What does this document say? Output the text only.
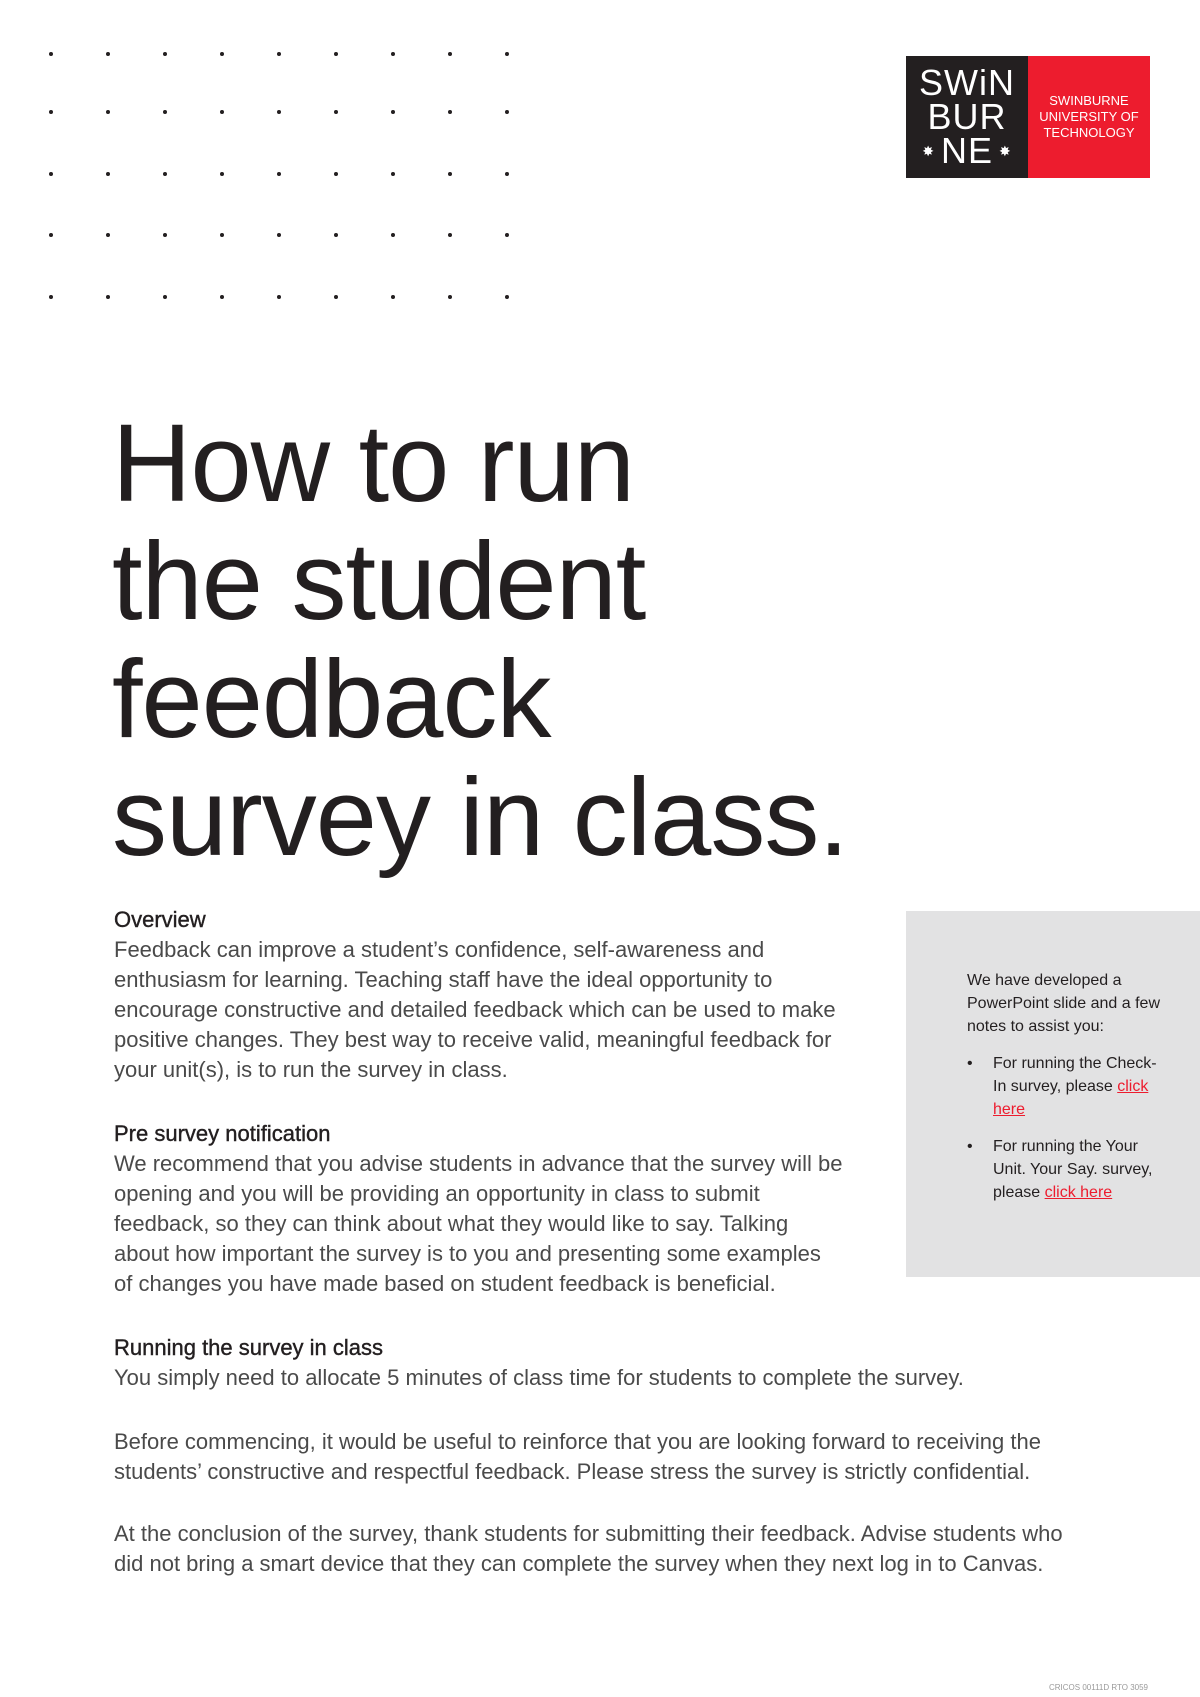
SWiN
BUR
✸ NE ✸
SWINBURNE
UNIVERSITY OF
TECHNOLOGY
How to run
the student
feedback
survey in class.
Overview

Feedback can improve a student’s confidence, self-awareness and enthusiasm for learning. Teaching staff have the ideal opportunity to encourage constructive and detailed feedback which can be used to make positive changes. They best way to receive valid, meaningful feedback for your unit(s), is to run the survey in class.

Pre survey notification

We recommend that you advise students in advance that the survey will be opening and you will be providing an opportunity in class to submit feedback, so they can think about what they would like to say. Talking about how important the survey is to you and presenting some examples of changes you have made based on student feedback is beneficial.

Running the survey in class

You simply need to allocate 5 minutes of class time for students to complete the survey.

Before commencing, it would be useful to reinforce that you are looking forward to receiving the students’ constructive and respectful feedback. Please stress the survey is strictly confidential.

At the conclusion of the survey, thank students for submitting their feedback. Advise students who did not bring a smart device that they can complete the survey when they next log in to Canvas.

We have developed a PowerPoint slide and a few notes to assist you:

• For running the Check-In survey, please click here
• For running the Your Unit. Your Say. survey, please click here
CRICOS 00111D RTO 3059
